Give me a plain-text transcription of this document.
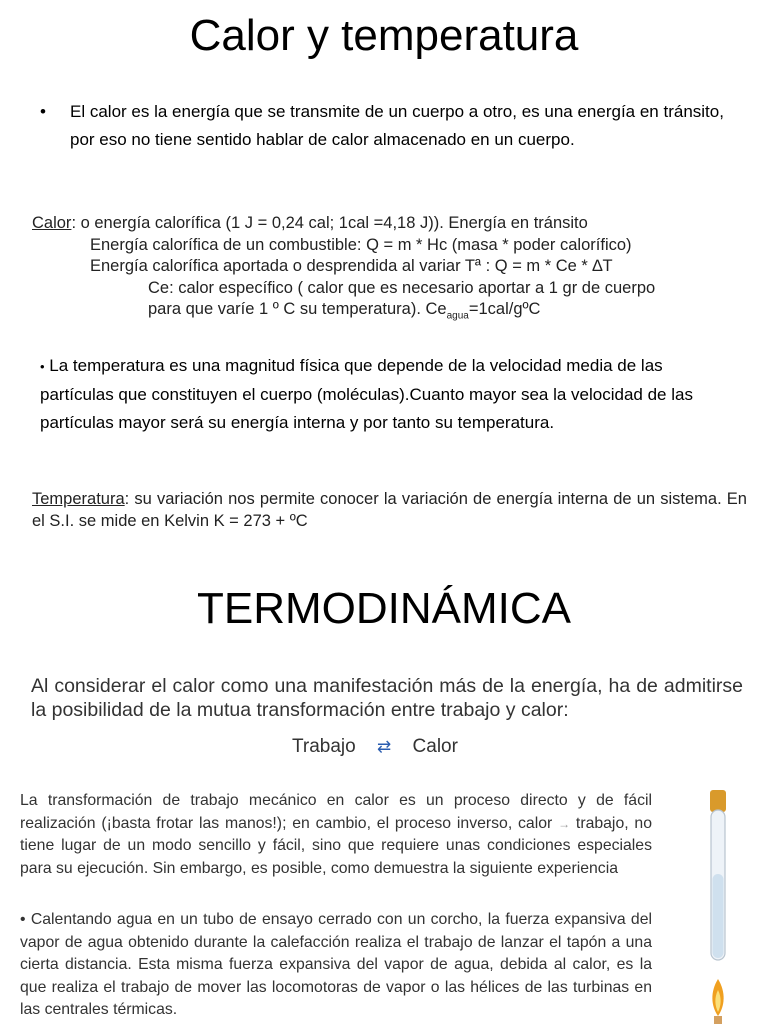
Calor y temperatura
• El calor es la energía que se transmite de un cuerpo a otro, es una energía en tránsito, por eso no tiene sentido hablar de calor almacenado en un cuerpo.
Calor: o energía calorífica (1 J = 0,24 cal; 1cal =4,18 J)). Energía en tránsito
Energía calorífica de un combustible: Q = m * Hc (masa * poder calorífico)
Energía calorífica aportada o desprendida al variar Tª : Q = m * Ce * ∆T
Ce: calor específico ( calor que es necesario aportar a 1 gr de cuerpo
para que varíe 1 º C su temperatura). $Ce_{agua}=1cal$/gºC
• La temperatura es una magnitud física que depende de la velocidad media de las partículas que constituyen el cuerpo (moléculas).Cuanto mayor sea la velocidad de las partículas mayor será su energía interna y por tanto su temperatura.
Temperatura: su variación nos permite conocer la variación de energía interna de un sistema. En el S.I. se mide en Kelvin K = 273 + ºC
TERMODINÁMICA
Al considerar el calor como una manifestación más de la energía, ha de admitirse la posibilidad de la mutua transformación entre trabajo y calor:
Trabajo ⇄ Calor
La transformación de trabajo mecánico en calor es un proceso directo y de fácil realización (¡basta frotar las manos!); en cambio, el proceso inverso, calor → trabajo, no tiene lugar de un modo sencillo y fácil, sino que requiere unas condiciones especiales para su ejecución. Sin embargo, es posible, como demuestra la siguiente experiencia
• Calentando agua en un tubo de ensayo cerrado con un corcho, la fuerza expansiva del vapor de agua obtenido durante la calefacción realiza el trabajo de lanzar el tapón a una cierta distancia. Esta misma fuerza expansiva del vapor de agua, debida al calor, es la que realiza el trabajo de mover las locomotoras de vapor o las hélices de las turbinas en las centrales térmicas.
